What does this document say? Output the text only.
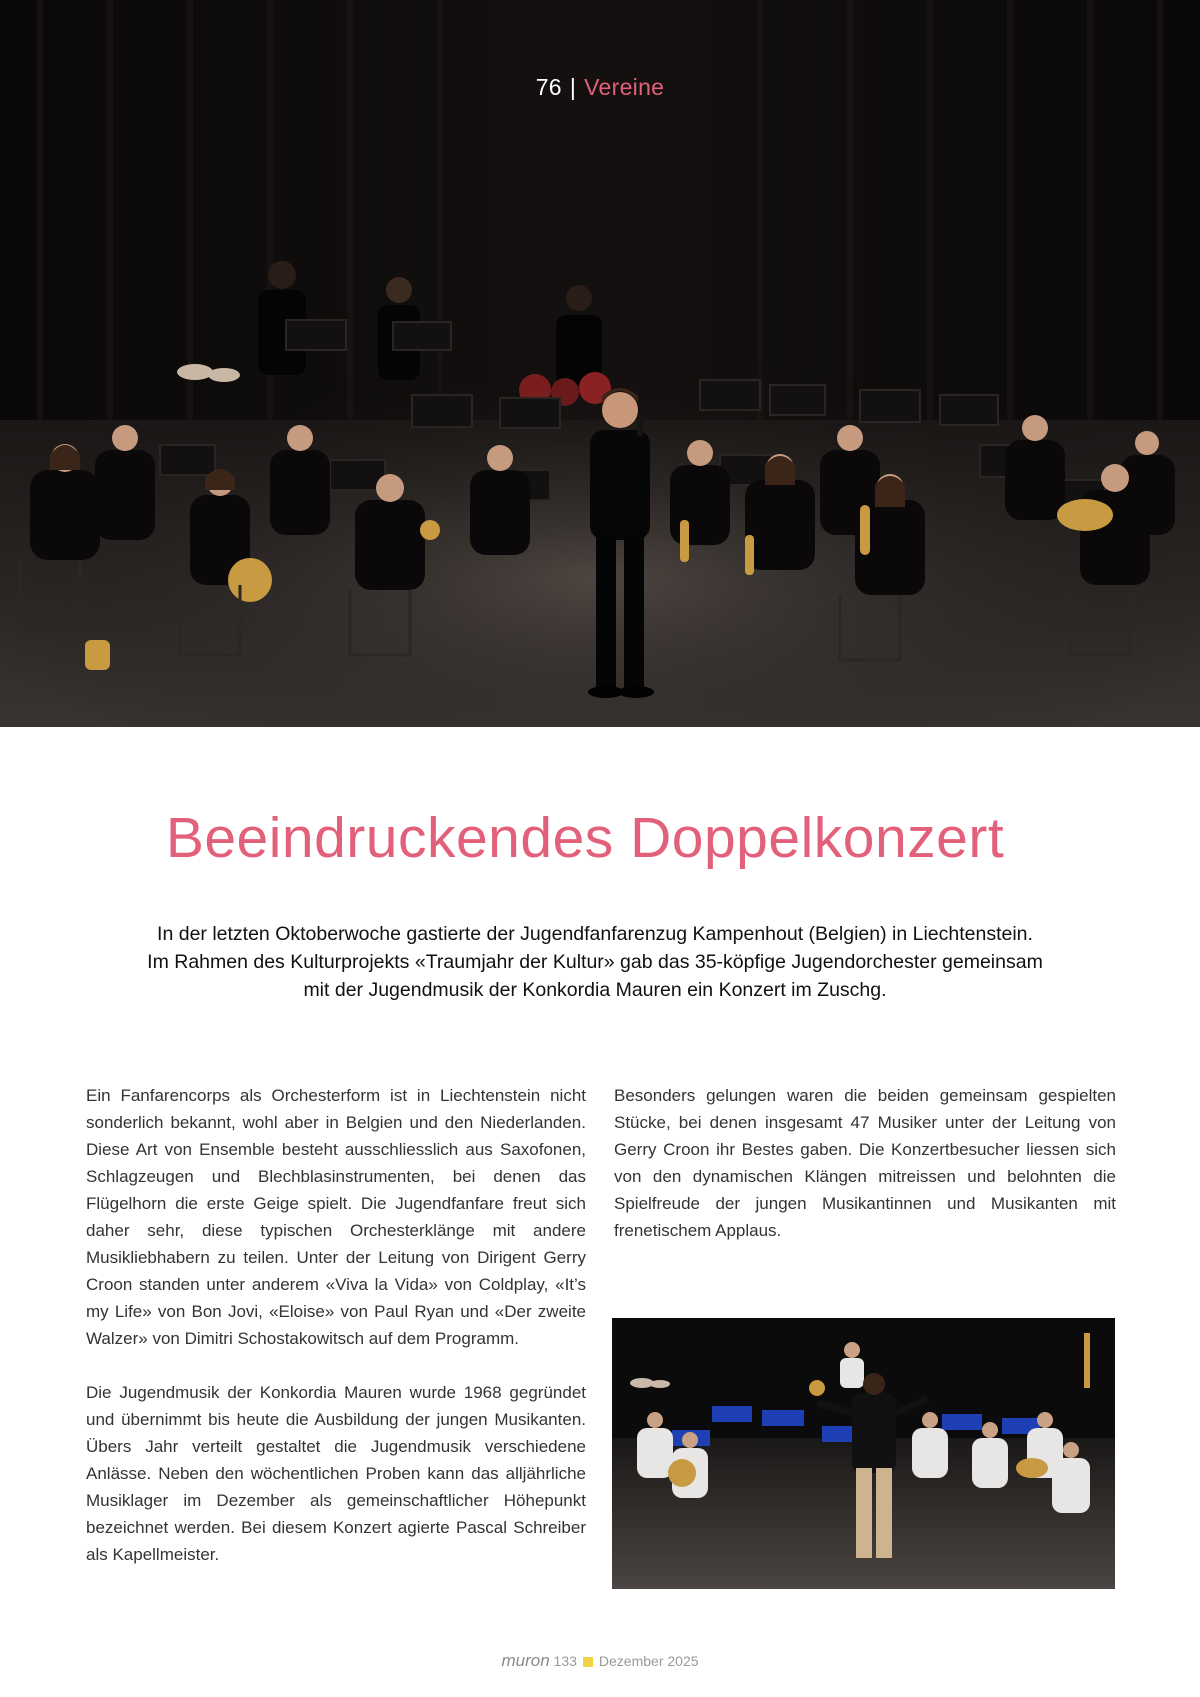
76 | Vereine
Beeindruckendes Doppelkonzert
In der letzten Oktoberwoche gastierte der Jugendfanfarenzug Kampenhout (Belgien) in Liechtenstein.
Im Rahmen des Kulturprojekts «Traumjahr der Kultur» gab das 35-köpfige Jugendorchester gemeinsam
mit der Jugendmusik der Konkordia Mauren ein Konzert im Zuschg.

Ein Fanfarencorps als Orchesterform ist in Liechtenstein nicht sonderlich bekannt, wohl aber in Belgien und den Niederlanden. Diese Art von Ensemble besteht ausschliesslich aus Saxofonen, Schlagzeugen und Blechblasinstrumenten, bei denen das Flügelhorn die erste Geige spielt. Die Jugendfanfare freut sich daher sehr, diese typischen Orchesterklänge mit andere Musikliebhabern zu teilen. Unter der Leitung von Dirigent Gerry Croon standen unter anderem «Viva la Vida» von Coldplay, «It’s my Life» von Bon Jovi, «Eloise» von Paul Ryan und «Der zweite Walzer» von Dimitri Schostakowitsch auf dem Programm.

Die Jugendmusik der Konkordia Mauren wurde 1968 gegründet und übernimmt bis heute die Ausbildung der jungen Musikanten. Übers Jahr verteilt gestaltet die Jugendmusik verschiedene Anlässe. Neben den wöchentlichen Proben kann das alljährliche Musiklager im Dezember als gemeinschaftlicher Höhepunkt bezeichnet werden. Bei diesem Konzert agierte Pascal Schreiber als Kapellmeister.

Besonders gelungen waren die beiden gemeinsam gespielten Stücke, bei denen insgesamt 47 Musiker unter der Leitung von Gerry Croon ihr Bestes gaben. Die Konzertbesucher liessen sich von den dynamischen Klängen mitreissen und belohnten die Spielfreude der jungen Musikantinnen und Musikanten mit frenetischem Applaus.

muron 133 Dezember 2025
